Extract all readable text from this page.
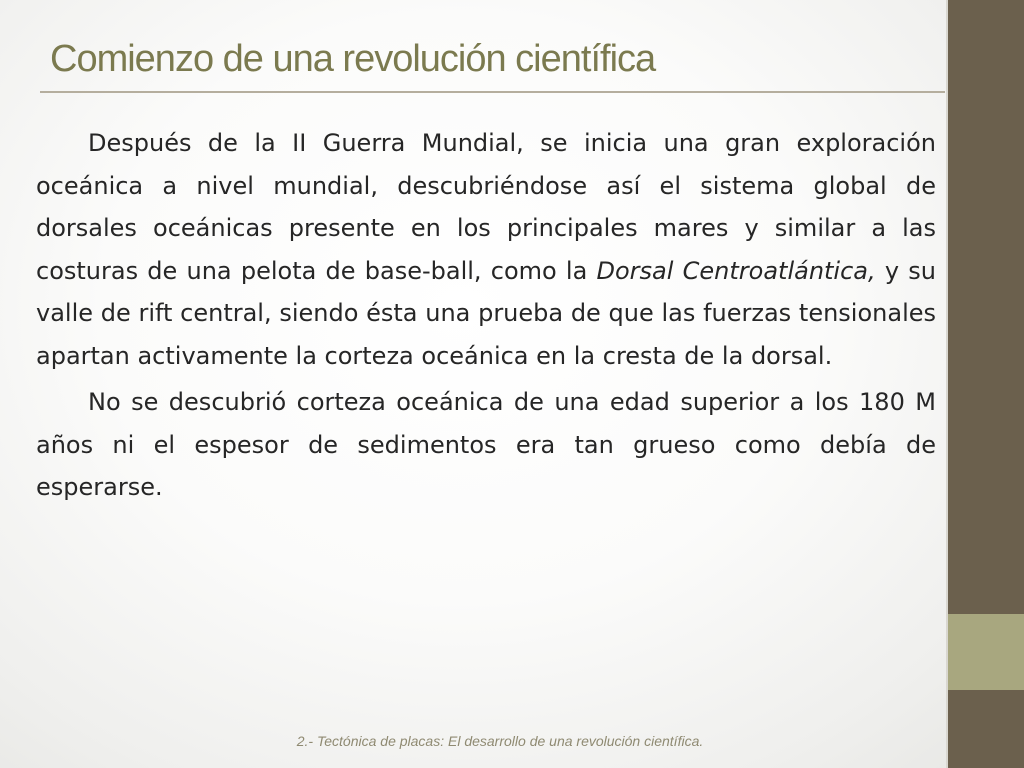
Comienzo de una revolución científica

Después de la II Guerra Mundial, se inicia una gran exploración oceánica a nivel mundial, descubriéndose así el sistema global de dorsales oceánicas presente en los principales mares y similar a las costuras de una pelota de base-ball, como la Dorsal Centroatlántica, y su valle de rift central, siendo ésta una prueba de que las fuerzas tensionales apartan activamente la corteza oceánica en la cresta de la dorsal.

No se descubrió corteza oceánica de una edad superior a los 180 M años ni el espesor de sedimentos era tan grueso como debía de esperarse.

2.- Tectónica de placas: El desarrollo de una revolución científica.
